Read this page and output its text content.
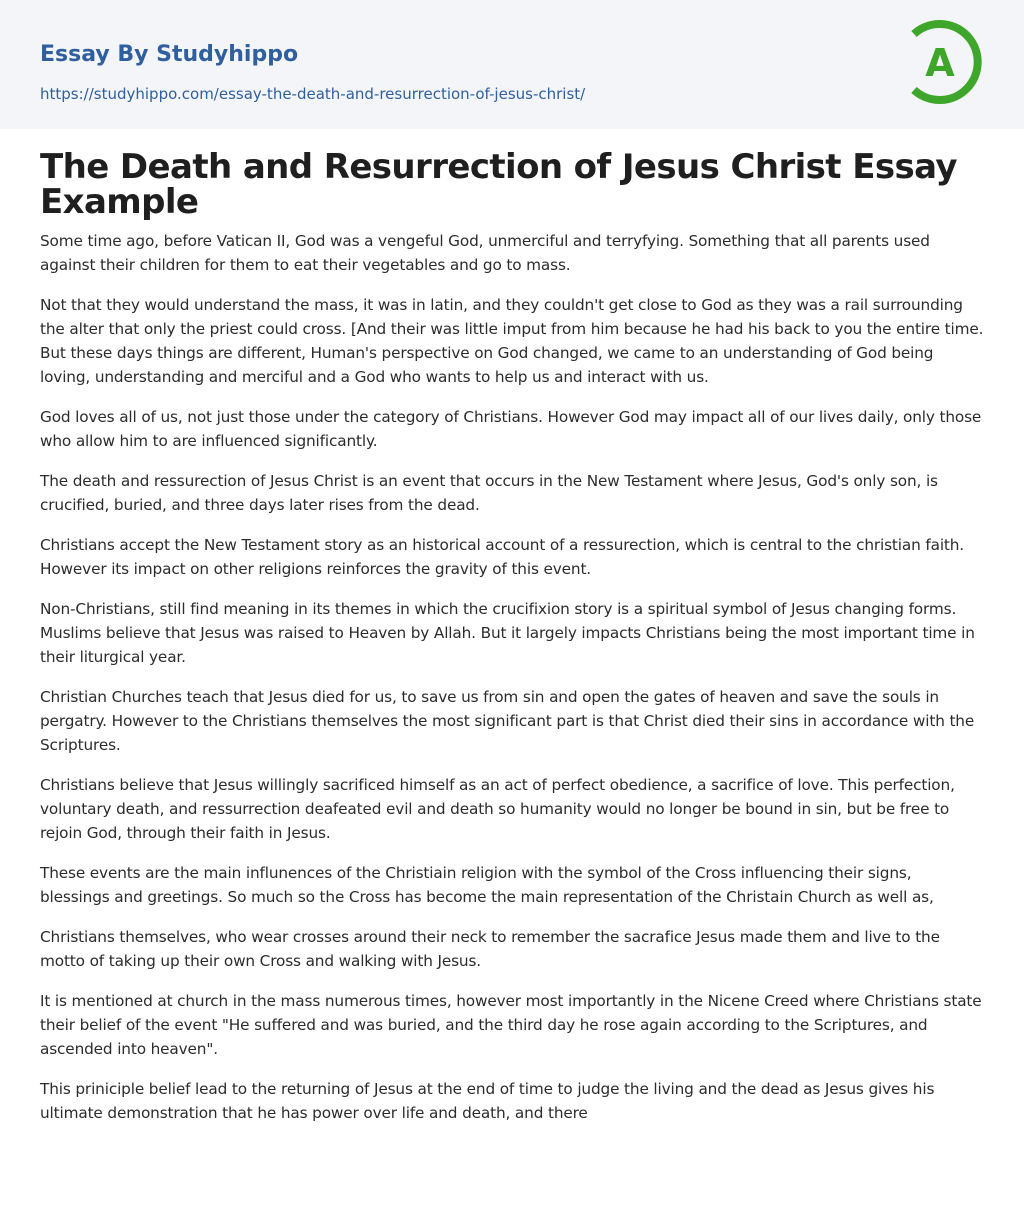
Essay By Studyhippo
https://studyhippo.com/essay-the-death-and-resurrection-of-jesus-christ/
A
The Death and Resurrection of Jesus Christ Essay Example

Some time ago, before Vatican II, God was a vengeful God, unmerciful and terryfying. Something that all parents used against their children for them to eat their vegetables and go to mass.

Not that they would understand the mass, it was in latin, and they couldn't get close to God as they was a rail surrounding the alter that only the priest could cross. [And their was little imput from him because he had his back to you the entire time. But these days things are different, Human's perspective on God changed, we came to an understanding of God being loving, understanding and merciful and a God who wants to help us and interact with us.

God loves all of us, not just those under the category of Christians. However God may impact all of our lives daily, only those who allow him to are influenced significantly.

The death and ressurection of Jesus Christ is an event that occurs in the New Testament where Jesus, God's only son, is crucified, buried, and three days later rises from the dead.

Christians accept the New Testament story as an historical account of a ressurection, which is central to the christian faith. However its impact on other religions reinforces the gravity of this event.

Non-Christians, still find meaning in its themes in which the crucifixion story is a spiritual symbol of Jesus changing forms. Muslims believe that Jesus was raised to Heaven by Allah. But it largely impacts Christians being the most important time in their liturgical year.

Christian Churches teach that Jesus died for us, to save us from sin and open the gates of heaven and save the souls in pergatry. However to the Christians themselves the most significant part is that Christ died their sins in accordance with the Scriptures.

Christians believe that Jesus willingly sacrificed himself as an act of perfect obedience, a sacrifice of love. This perfection, voluntary death, and ressurrection deafeated evil and death so humanity would no longer be bound in sin, but be free to rejoin God, through their faith in Jesus.

These events are the main influnences of the Christiain religion with the symbol of the Cross influencing their signs, blessings and greetings. So much so the Cross has become the main representation of the Christain Church as well as,

Christians themselves, who wear crosses around their neck to remember the sacrafice Jesus made them and live to the motto of taking up their own Cross and walking with Jesus.

It is mentioned at church in the mass numerous times, however most importantly in the Nicene Creed where Christians state their belief of the event "He suffered and was buried, and the third day he rose again according to the Scriptures, and ascended into heaven".

This priniciple belief lead to the returning of Jesus at the end of time to judge the living and the dead as Jesus gives his ultimate demonstration that he has power over life and death, and there
